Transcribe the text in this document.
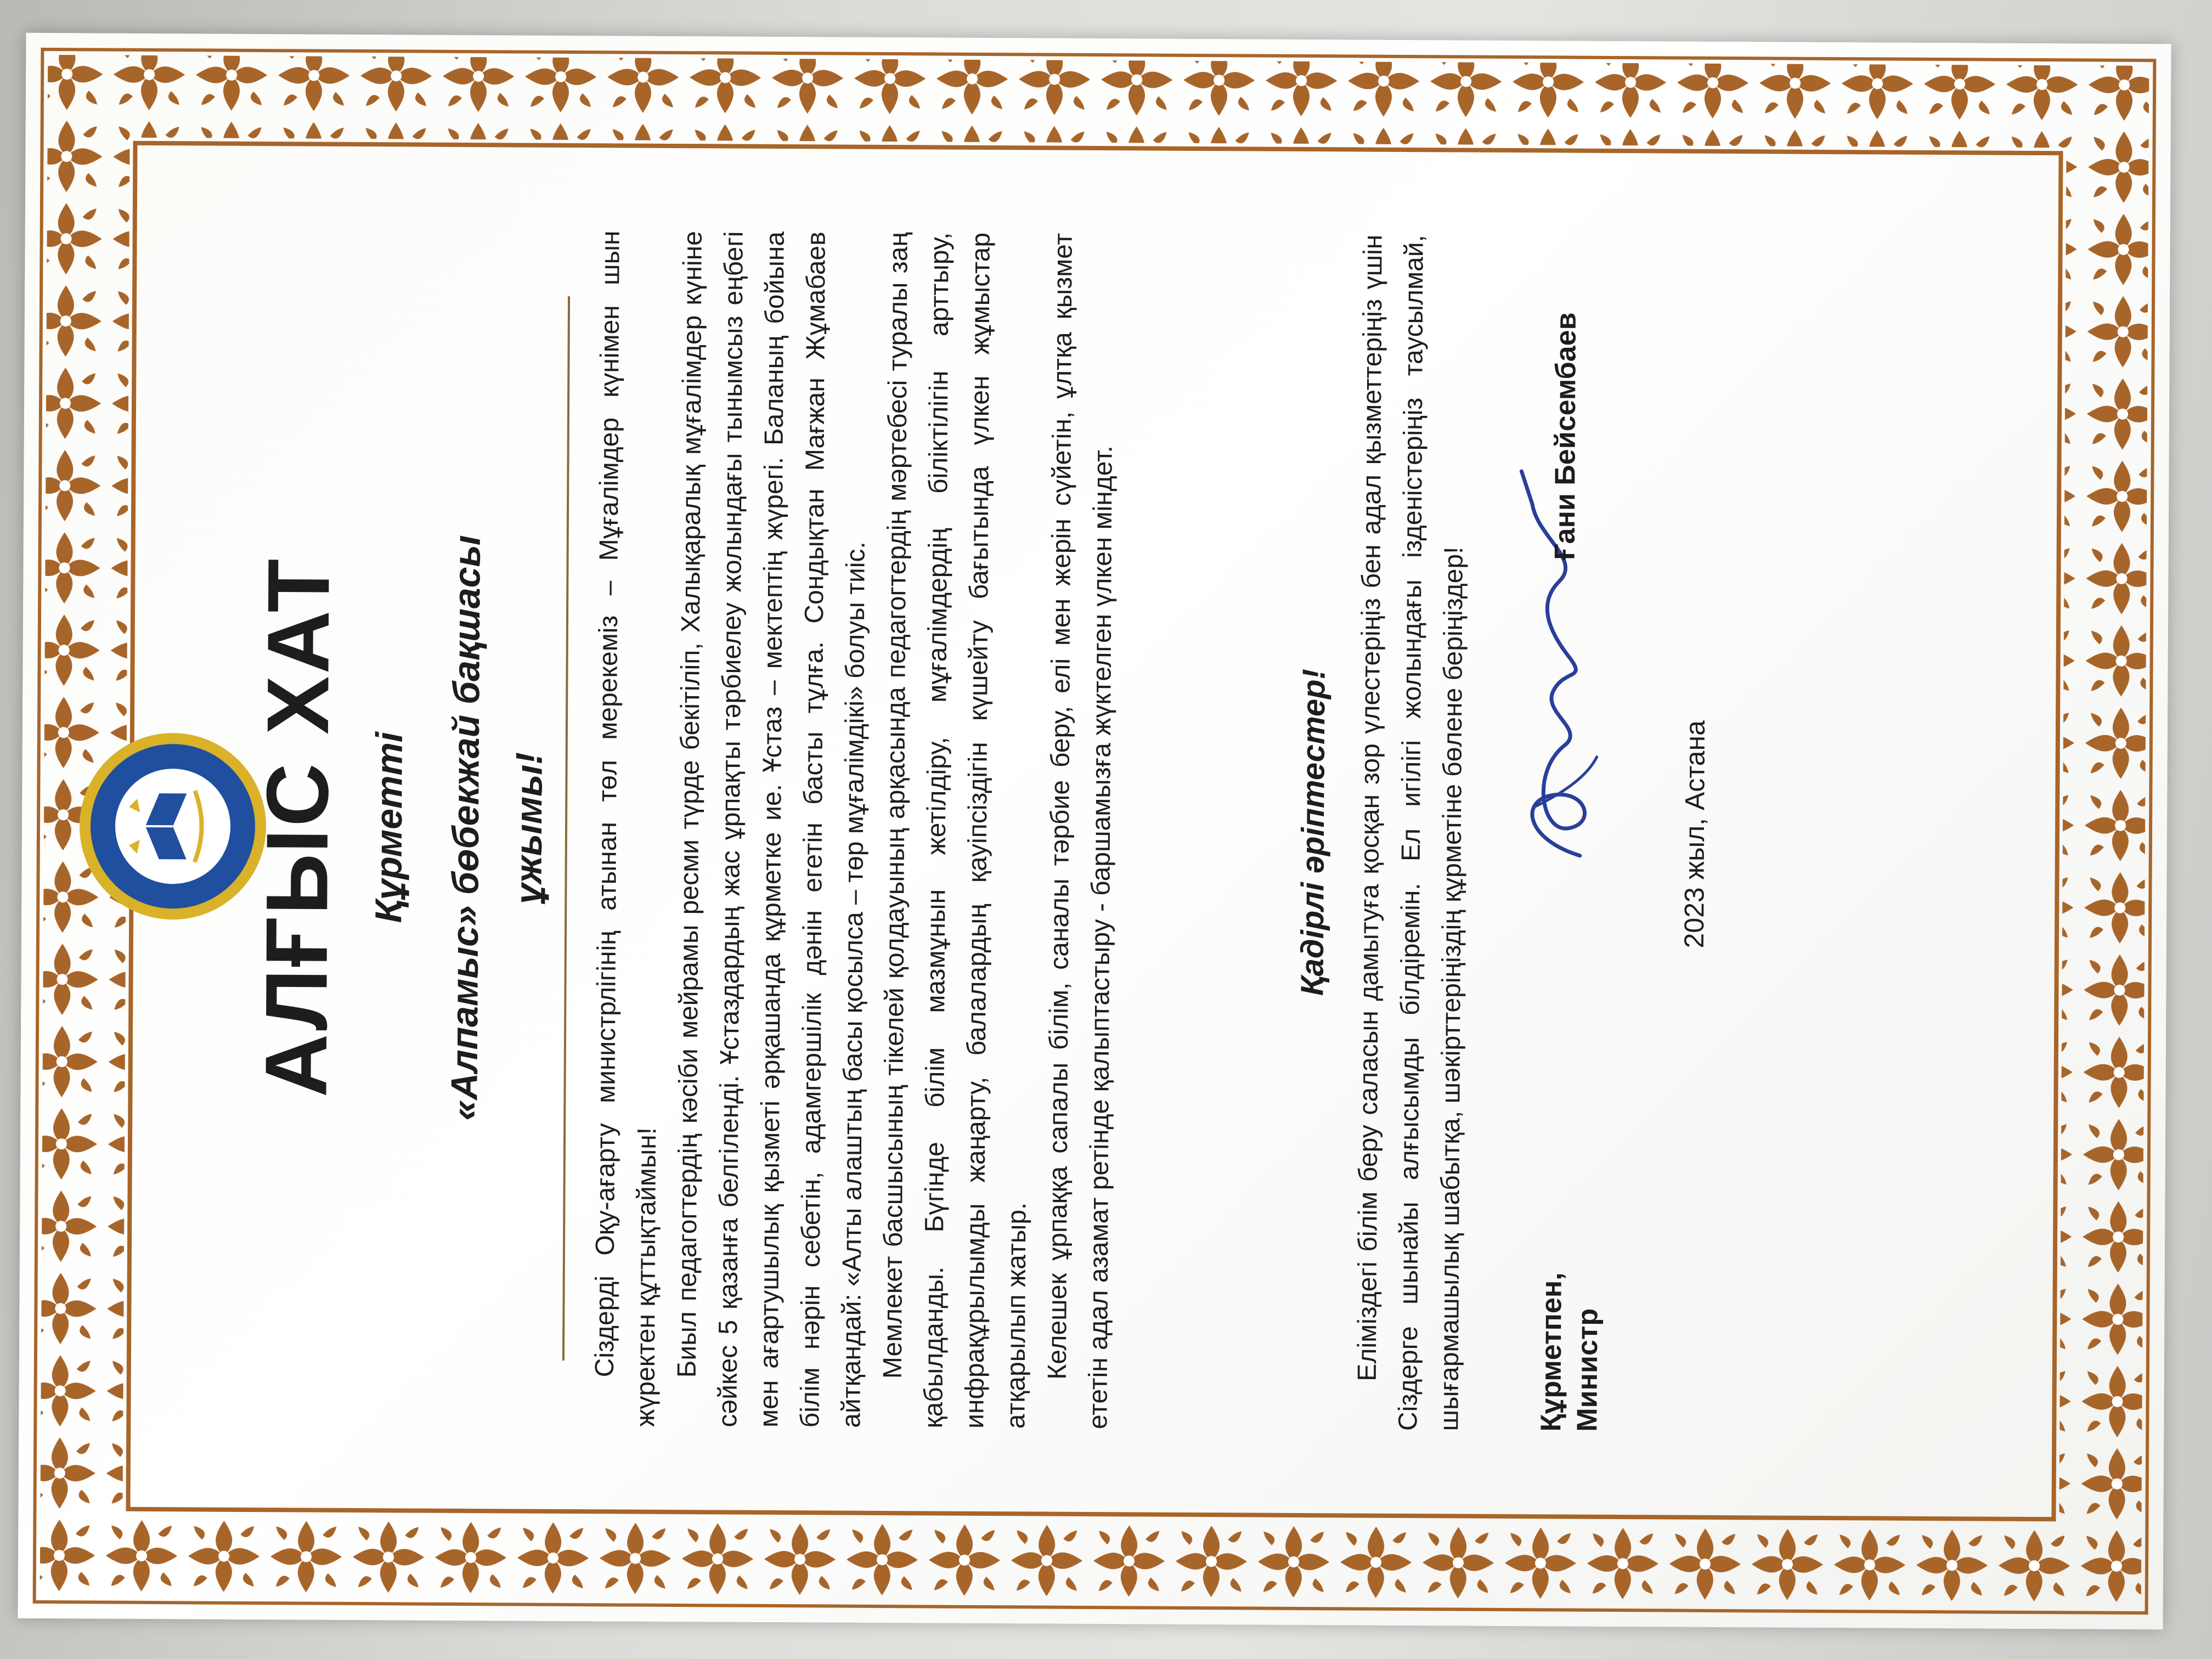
АЛҒЫС ХАТ Құрметті «Алпамыс» бөбекжай бақшасы ұжымы! Сіздерді Оқу-ағарту министрлігінің атынан төл мерекеміз – Мұғалімдер күнімен шын жүректен құттықтаймын! Биыл педагогтердің кәсіби мейрамы ресми түрде бекітіліп, Халықаралық мұғалімдер күніне сәйкес 5 қазанға белгіленді. Ұстаздардың жас ұрпақты тәрбиелеу жолындағы тынымсыз еңбегі мен ағартушылық қызметі әрқашанда құрметке ие. Ұстаз – мектептің жүрегі. Баланың бойына білім нәрін себетін, адамгершілік дәнін егетін басты тұлға. Сондықтан Мағжан Жұмабаев айтқандай: «Алты алаштың басы қосылса – төр мұғалімдікі» болуы тиіс. Мемлекет басшысының тікелей қолдауының арқасында педагогтердің мәртебесі туралы заң қабылданды. Бүгінде білім мазмұнын жетілдіру, мұғалімдердің біліктілігін арттыру, инфрақұрылымды жаңарту, балалардың қауіпсіздігін күшейту бағытында үлкен жұмыстар атқарылып жатыр. Келешек ұрпаққа сапалы білім, саналы тәрбие беру, елі мен жерін сүйетін, ұлтқа қызмет ететін адал азамат ретінде қалыптастыру - баршамызға жүктелген үлкен міндет.	Қадірлі әріптестер! Еліміздегі білім беру саласын дамытуға қосқан зор үлестеріңіз бен адал қызметтеріңіз үшін Сіздерге шынайы алғысымды білдіремін. Ел игілігі жолындағы ізденістеріңіз таусылмай, шығармашылық шабытқа, шәкірттеріңіздің құрметіне бөлене беріңіздер! Құрметпен, Министр
Ғани Бейсембаев
2023 жыл, Астана
